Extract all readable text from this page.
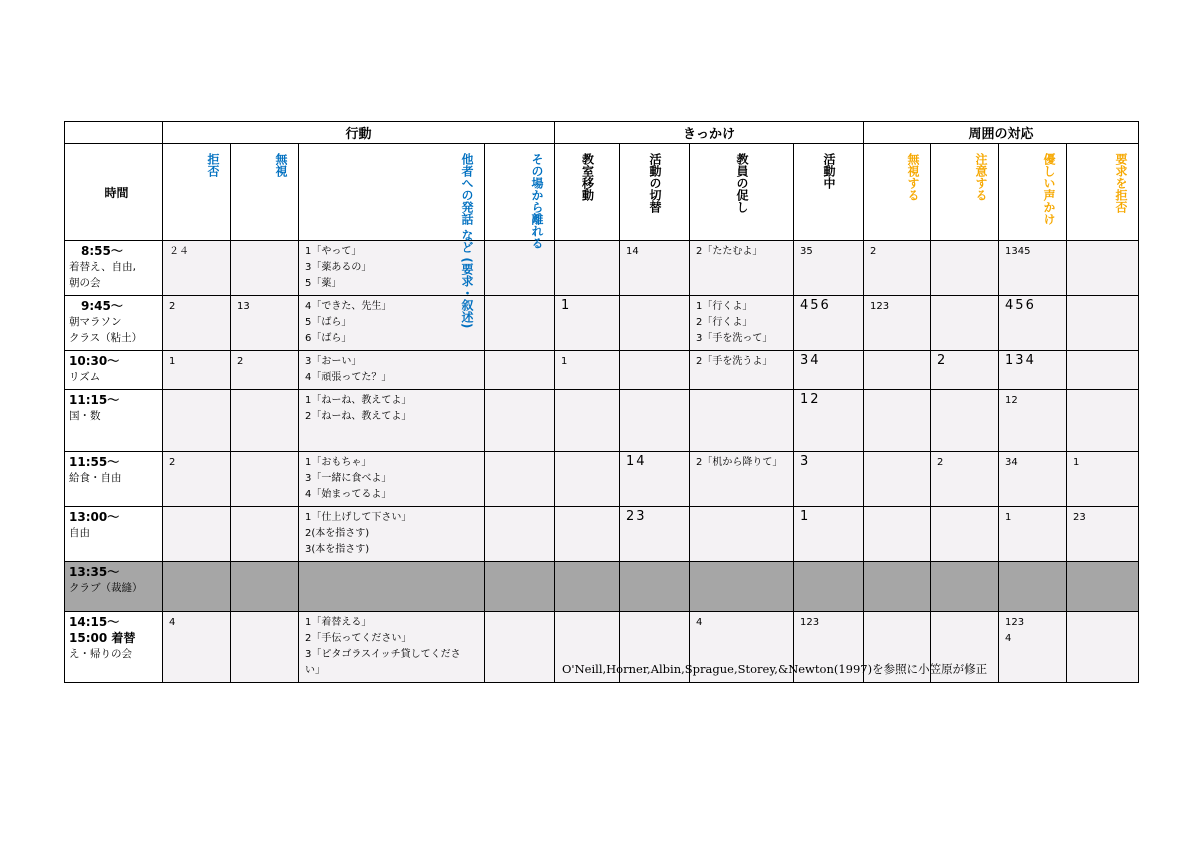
	行動				きっかけ				周囲の対応			
時間	拒否	無視	他者への発話 など (要求・叙述)	その場から離れる	教室移動	活動の切替	教員の促し	活動中	無視する	注意する	優しい声かけ	要求を拒否

8:55〜
着替え、自由,
朝の会	２４		1「やって」
3「薬あるの」
5「薬」			14	2「たたむよ」	35	2		1345	

9:45〜
朝マラソン
クラス（粘土）	2	13	4「できた、先生」
5「ばら」
6「ばら」		1		1「行くよ」
2「行くよ」
3「手を洗って」	456	123		456	

10:30〜
リズム	1	2	3「おーい」
4「頑張ってた？」		1		2「手を洗うよ」	34		2	134	

11:15〜
国・数			1「ねーね、教えてよ」
2「ねーね、教えてよ」					12			12	

11:55〜
給食・自由	2		1「おもちゃ」
3「一緒に食べよ」
4「始まってるよ」			14	2「机から降りて」	3		2	34	1

13:00〜
自由			1「仕上げして下さい」
2(本を指さす)
3(本を指さす)			23		1			1	23

13:35〜
クラブ（裁縫）												

14:15〜
15:00 着替
え・帰りの会	4		1「着替える」
2「手伝ってください」
3「ピタゴラスイッチ貸してくださ
い」				4	123			123
4	

O'Neill,Horner,Albin,Sprague,Storey,&Newton(1997)を参照に小笠原が修正
